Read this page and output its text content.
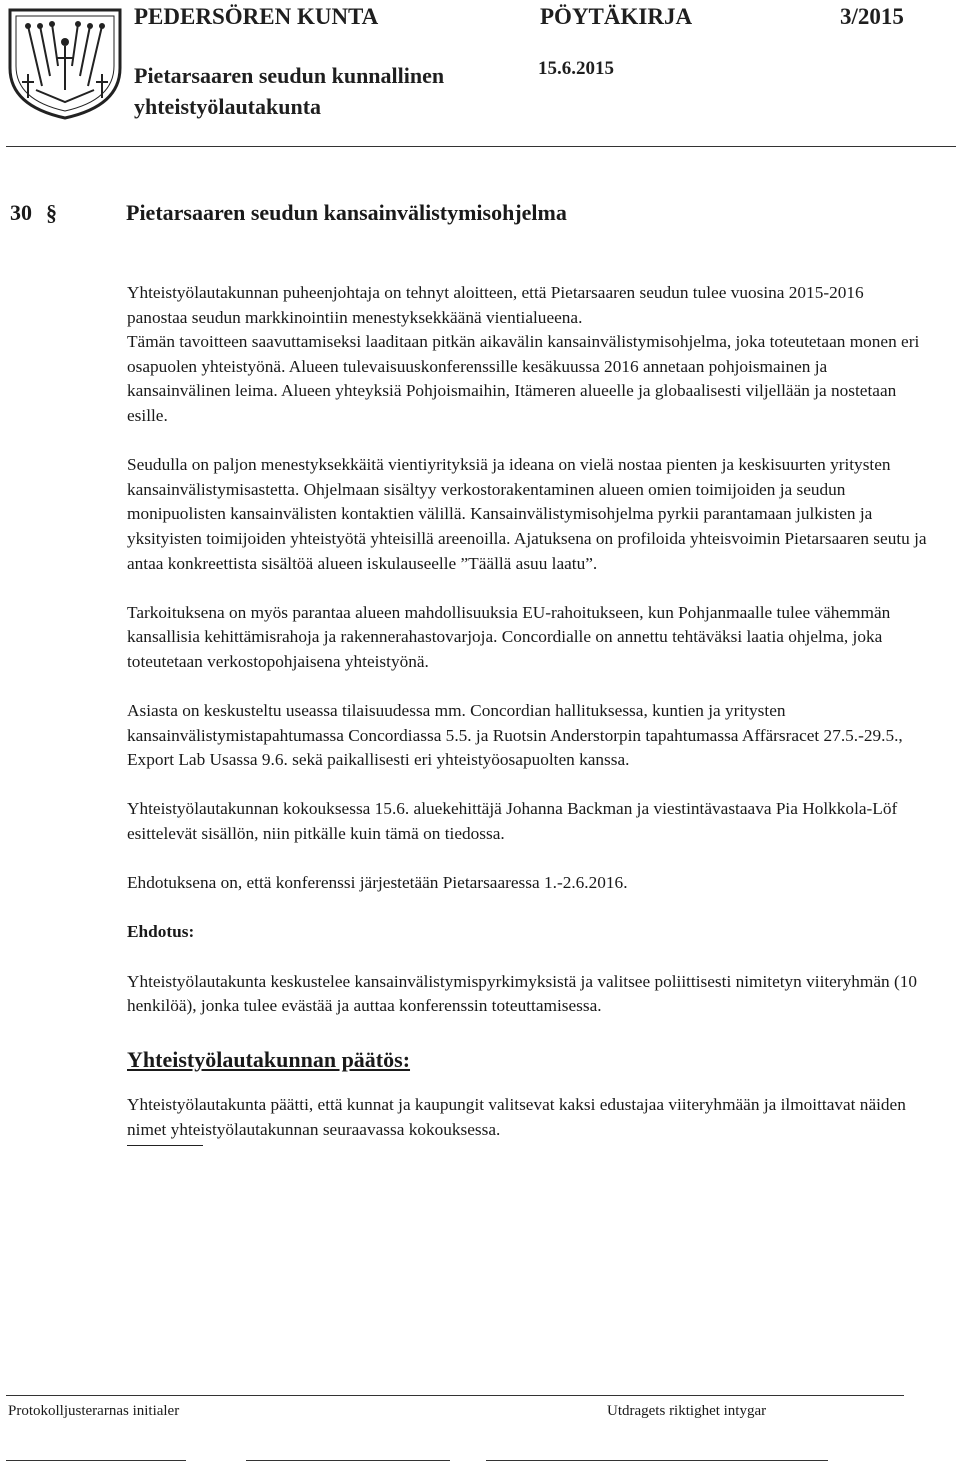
PEDERSÖREN KUNTA	PÖYTÄKIRJA	3/2015
Pietarsaaren seudun kunnallinen
yhteistyölautakunta
15.6.2015
30 §	Pietarsaaren seudun kansainvälistymisohjelma

Yhteistyölautakunnan puheenjohtaja on tehnyt aloitteen, että Pietarsaaren seudun tulee vuosina 2015-2016 panostaa seudun markkinointiin menestyksekkäänä vientialueena.

Tämän tavoitteen saavuttamiseksi laaditaan pitkän aikavälin kansainvälistymisohjelma, joka toteutetaan monen eri osapuolen yhteistyönä. Alueen tulevaisuuskonferenssille kesäkuussa 2016 annetaan pohjoismainen ja kansainvälinen leima. Alueen yhteyksiä Pohjoismaihin, Itämeren alueelle ja globaalisesti viljellään ja nostetaan esille.

Seudulla on paljon menestyksekkäitä vientiyrityksiä ja ideana on vielä nostaa pienten ja keskisuurten yritysten kansainvälistymisastetta. Ohjelmaan sisältyy verkostorakentaminen alueen omien toimijoiden ja seudun monipuolisten kansainvälisten kontaktien välillä. Kansainvälistymisohjelma pyrkii parantamaan julkisten ja yksityisten toimijoiden yhteistyötä yhteisillä areenoilla. Ajatuksena on profiloida yhteisvoimin Pietarsaaren seutu ja antaa konkreettista sisältöä alueen iskulauseelle ”Täällä asuu laatu”.

Tarkoituksena on myös parantaa alueen mahdollisuuksia EU-rahoitukseen, kun Pohjanmaalle tulee vähemmän kansallisia kehittämisrahoja ja rakennerahastovarjoja. Concordialle on annettu tehtäväksi laatia ohjelma, joka toteutetaan verkostopohjaisena yhteistyönä.

Asiasta on keskusteltu useassa tilaisuudessa mm. Concordian hallituksessa, kuntien ja yritysten kansainvälistymistapahtumassa Concordiassa 5.5. ja Ruotsin Anderstorpin tapahtumassa Affärsracet 27.5.-29.5., Export Lab Usassa 9.6. sekä paikallisesti eri yhteistyöosapuolten kanssa.

Yhteistyölautakunnan kokouksessa 15.6. aluekehittäjä Johanna Backman ja viestintävastaava Pia Holkkola-Löf esittelevät sisällön, niin pitkälle kuin tämä on tiedossa.

Ehdotuksena on, että konferenssi järjestetään Pietarsaaressa 1.-2.6.2016.

Ehdotus:

Yhteistyölautakunta keskustelee kansainvälistymispyrkimyksistä ja valitsee poliittisesti nimitetyn viiteryhmän (10 henkilöä), jonka tulee evästää ja auttaa konferenssin toteuttamisessa.

Yhteistyölautakunnan päätös:

Yhteistyölautakunta päätti, että kunnat ja kaupungit valitsevat kaksi edustajaa viiteryhmään ja ilmoittavat näiden nimet yhteistyölautakunnan seuraavassa kokouksessa.

Protokolljusterarnas initialer	Utdragets riktighet intygar
